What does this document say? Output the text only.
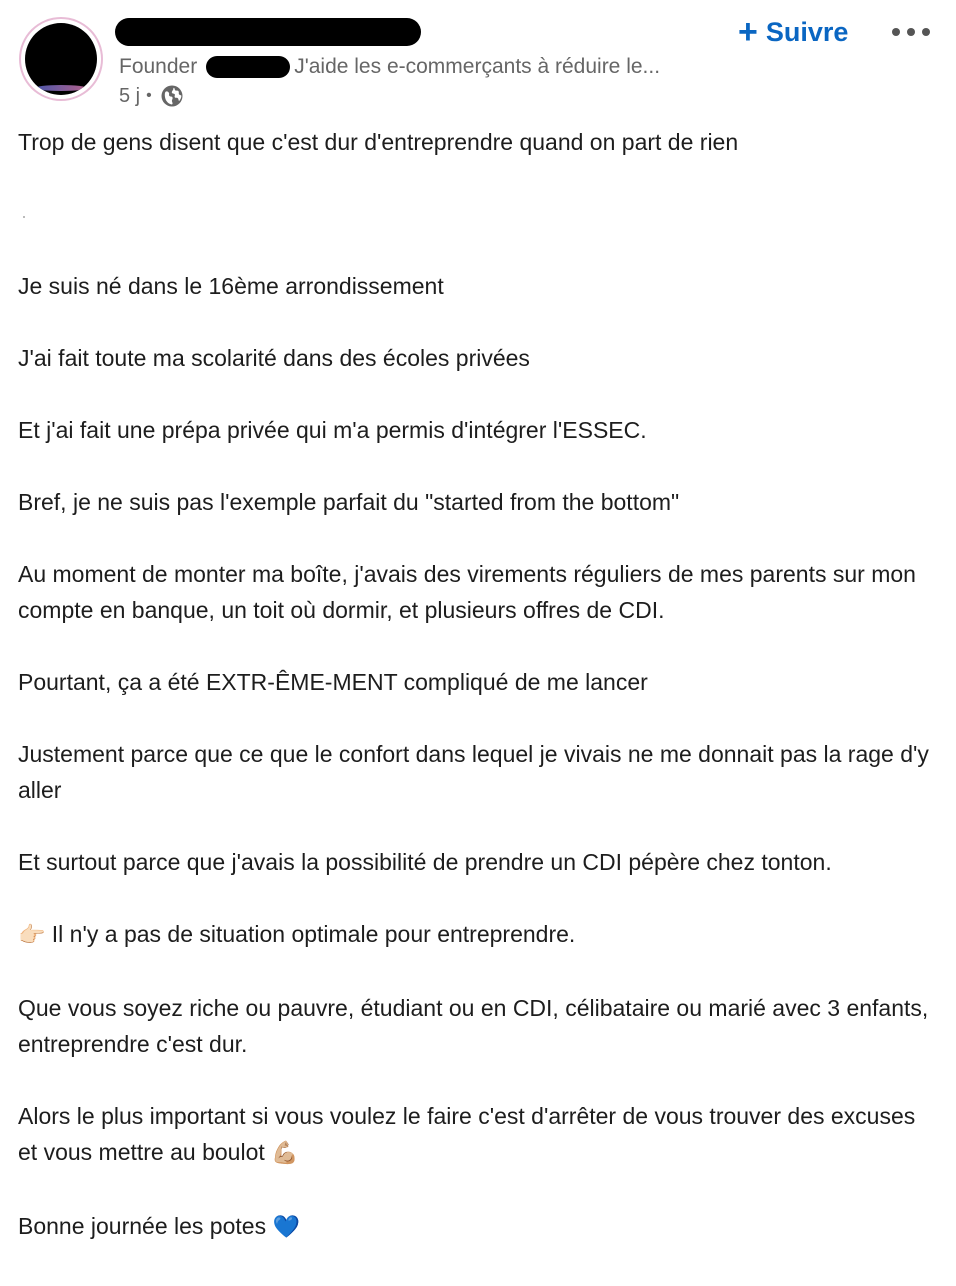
Founder	J'aide les e-commerçants à réduire le...
5 j •
+ Suivre

Trop de gens disent que c'est dur d'entreprendre quand on part de rien

Je suis né dans le 16ème arrondissement

J'ai fait toute ma scolarité dans des écoles privées

Et j'ai fait une prépa privée qui m'a permis d'intégrer l'ESSEC.

Bref, je ne suis pas l'exemple parfait du "started from the bottom"

Au moment de monter ma boîte, j'avais des virements réguliers de mes parents sur mon compte en banque, un toit où dormir, et plusieurs offres de CDI.

Pourtant, ça a été EXTR-ÊME-MENT compliqué de me lancer

Justement parce que ce que le confort dans lequel je vivais ne me donnait pas la rage d'y aller

Et surtout parce que j'avais la possibilité de prendre un CDI pépère chez tonton.

👉🏻 Il n'y a pas de situation optimale pour entreprendre.

Que vous soyez riche ou pauvre, étudiant ou en CDI, célibataire ou marié avec 3 enfants, entreprendre c'est dur.

Alors le plus important si vous voulez le faire c'est d'arrêter de vous trouver des excuses et vous mettre au boulot 💪🏼

Bonne journée les potes 💙
